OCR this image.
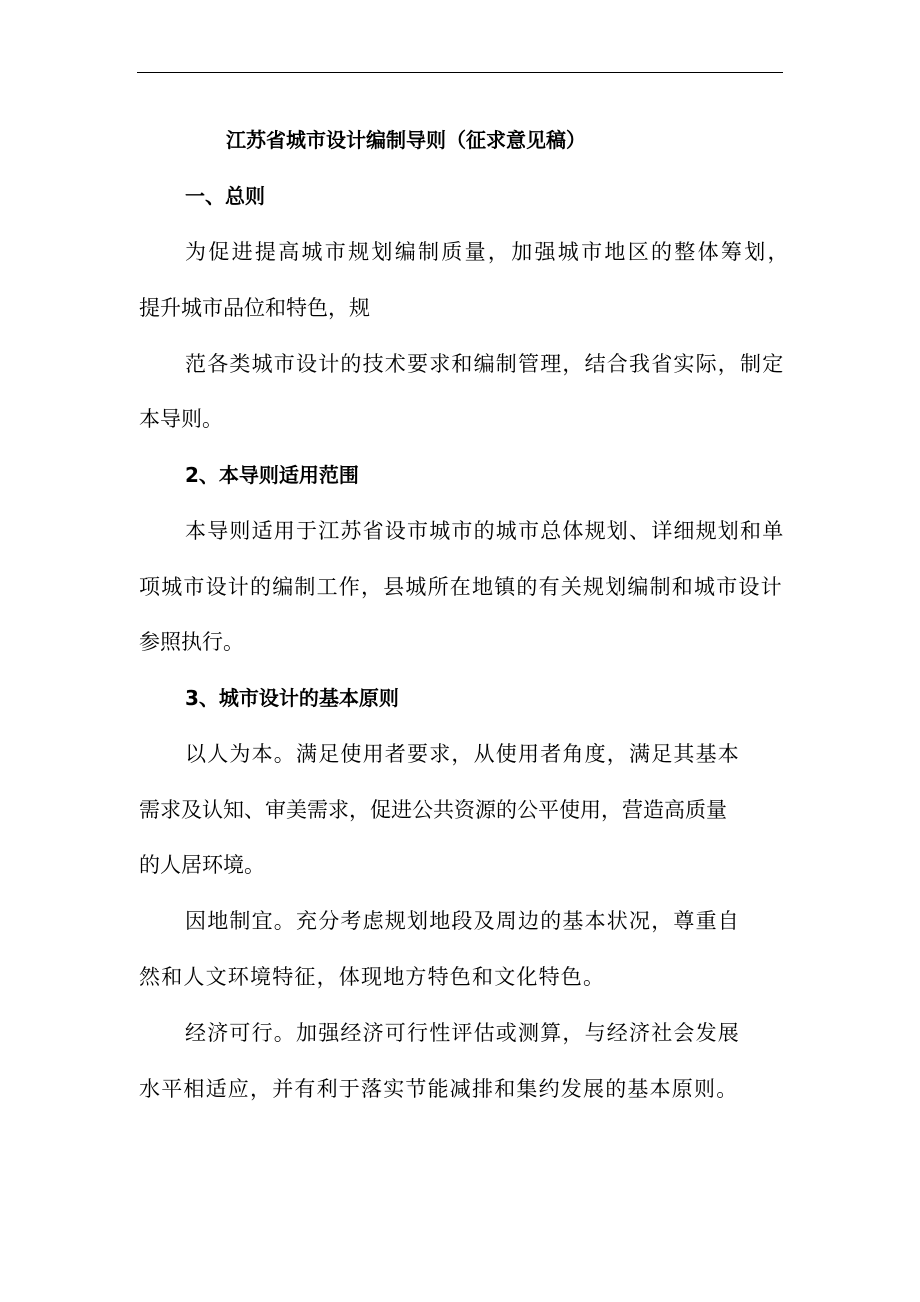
江苏省城市设计编制导则（征求意见稿）
一、总则
为促进提高城市规划编制质量，加强城市地区的整体筹划，
提升城市品位和特色，规
范各类城市设计的技术要求和编制管理，结合我省实际，制定
本导则。
2、本导则适用范围
本导则适用于江苏省设市城市的城市总体规划、详细规划和单
项城市设计的编制工作，县城所在地镇的有关规划编制和城市设计
参照执行。
3、城市设计的基本原则
以人为本。满足使用者要求，从使用者角度，满足其基本
需求及认知、审美需求，促进公共资源的公平使用，营造高质量
的人居环境。
因地制宜。充分考虑规划地段及周边的基本状况，尊重自
然和人文环境特征，体现地方特色和文化特色。
经济可行。加强经济可行性评估或测算，与经济社会发展
水平相适应，并有利于落实节能减排和集约发展的基本原则。
